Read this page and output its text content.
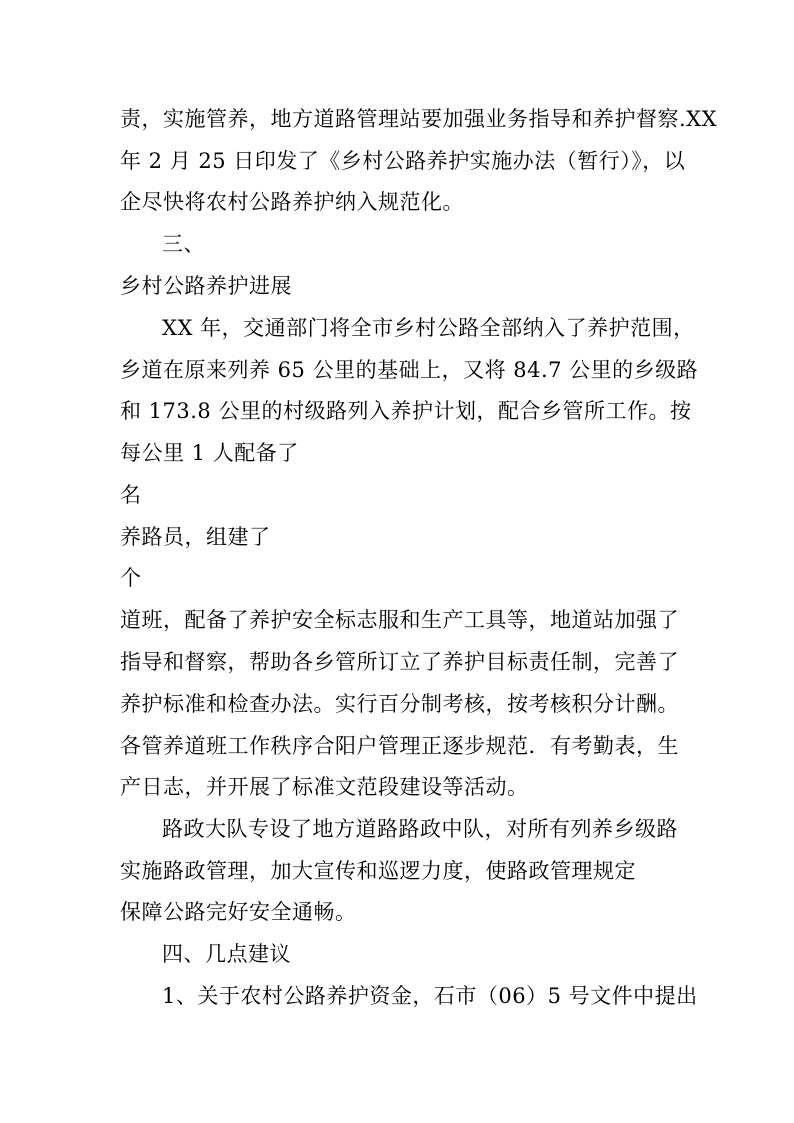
责，实施管养，地方道路管理站要加强业务指导和养护督察.XX
年 2 月 25 日印发了《乡村公路养护实施办法（暂行）》，以
企尽快将农村公路养护纳入规范化。
三、
乡村公路养护进展
XX 年，交通部门将全市乡村公路全部纳入了养护范围，
乡道在原来列养 65 公里的基础上，又将 84.7 公里的乡级路
和 173.8 公里的村级路列入养护计划，配合乡管所工作。按
每公里 1 人配备了
名
养路员，组建了
个
道班，配备了养护安全标志服和生产工具等，地道站加强了
指导和督察，帮助各乡管所订立了养护目标责任制，完善了
养护标准和检查办法。实行百分制考核，按考核积分计酬。
各管养道班工作秩序合阳户管理正逐步规范．有考勤表，生
产日志，并开展了标准文范段建设等活动。
路政大队专设了地方道路路政中队，对所有列养乡级路
实施路政管理，加大宣传和巡逻力度，使路政管理规定
保障公路完好安全通畅。
四、几点建议
1、关于农村公路养护资金，石市（06）5 号文件中提出
